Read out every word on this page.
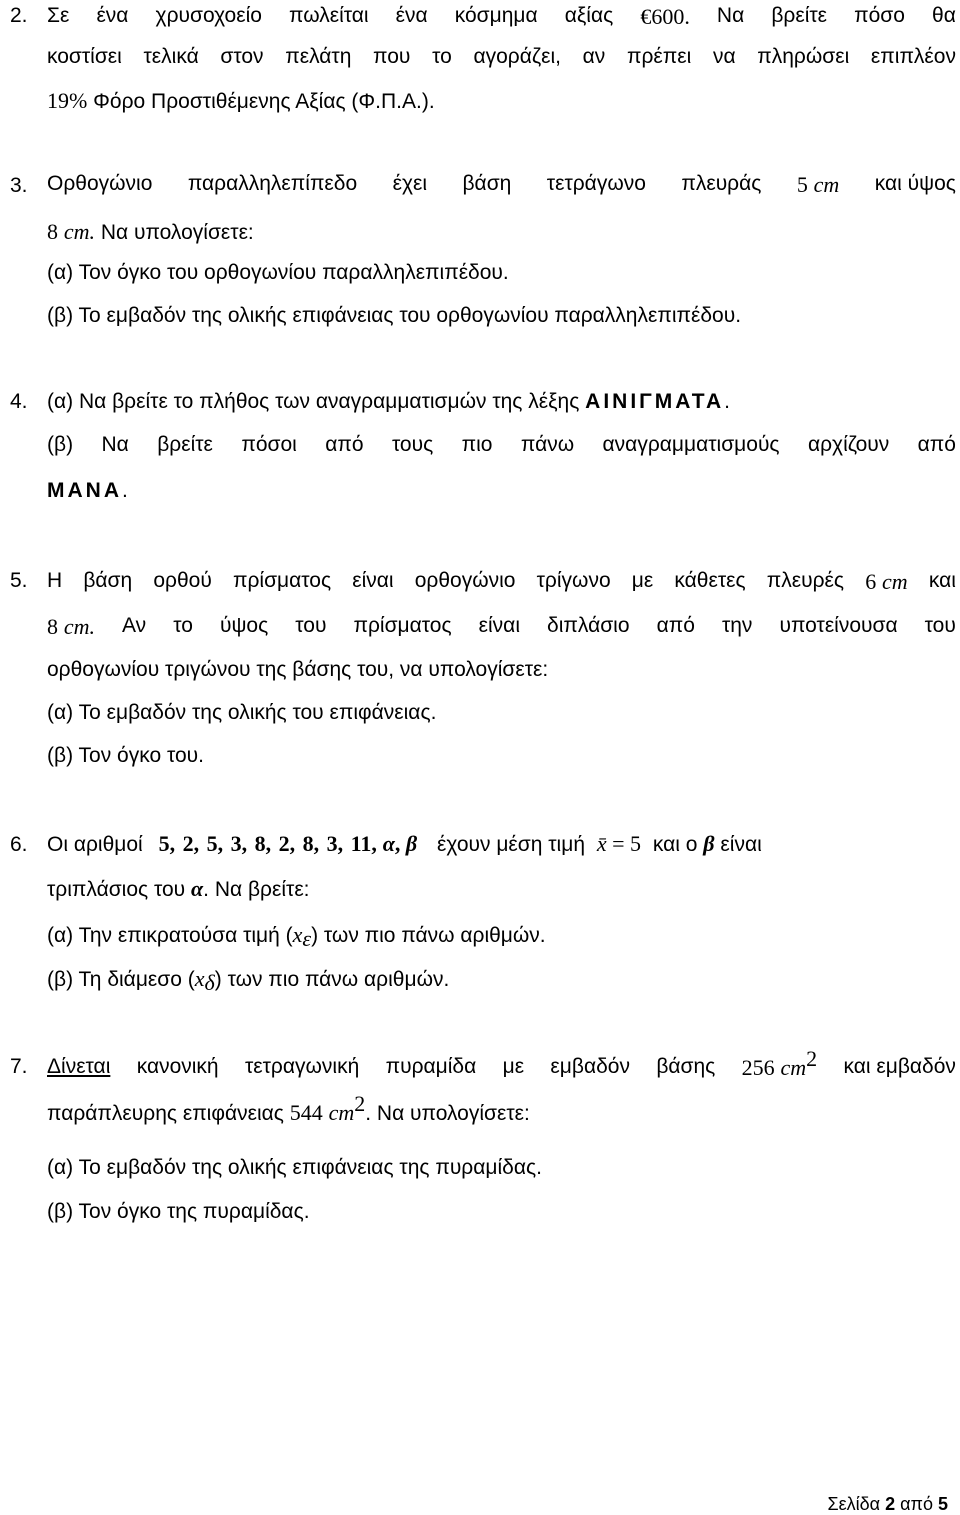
2. Σε ένα χρυσοχοείο πωλείται ένα κόσμημα αξίας €600. Να βρείτε πόσο θα
κοστίσει τελικά στον πελάτη που το αγοράζει, αν πρέπει να πληρώσει επιπλέον
19% Φόρο Προστιθέμενης Αξίας (Φ.Π.Α.).
3. Ορθογώνιο παραλληλεπίπεδο έχει βάση τετράγωνο πλευράς 5 cm και ύψος
8 cm. Να υπολογίσετε:
(α) Τον όγκο του ορθογωνίου παραλληλεπιπέδου.
(β) Το εμβαδόν της ολικής επιφάνειας του ορθογωνίου παραλληλεπιπέδου.
4. (α) Να βρείτε το πλήθος των αναγραμματισμών της λέξης ΑΙΝΙΓΜΑΤΑ.
(β) Να βρείτε πόσοι από τους πιο πάνω αναγραμματισμούς αρχίζουν από
ΜΑΝΑ.
5. Η βάση ορθού πρίσματος είναι ορθογώνιο τρίγωνο με κάθετες πλευρές 6 cm και
8 cm. Αν το ύψος του πρίσματος είναι διπλάσιο από την υποτείνουσα του
ορθογωνίου τριγώνου της βάσης του, να υπολογίσετε:
(α) Το εμβαδόν της ολικής του επιφάνειας.
(β) Τον όγκο του.
6. Οι αριθμοί 5, 2, 5, 3, 8, 2, 8, 3, 11, α, β έχουν μέση τιμή x̄ = 5 και ο β είναι
τριπλάσιος του α. Να βρείτε:
(α) Την επικρατούσα τιμή $(x_\varepsilon)$ των πιο πάνω αριθμών.
(β) Τη διάμεσο $(x_\delta)$ των πιο πάνω αριθμών.
7. Δίνεται κανονική τετραγωνική πυραμίδα με εμβαδόν βάσης 256 $cm^2$ και εμβαδόν
παράπλευρης επιφάνειας 544 $cm^2$. Να υπολογίσετε:
(α) Το εμβαδόν της ολικής επιφάνειας της πυραμίδας.
(β) Τον όγκο της πυραμίδας.
Σελίδα 2 από 5
